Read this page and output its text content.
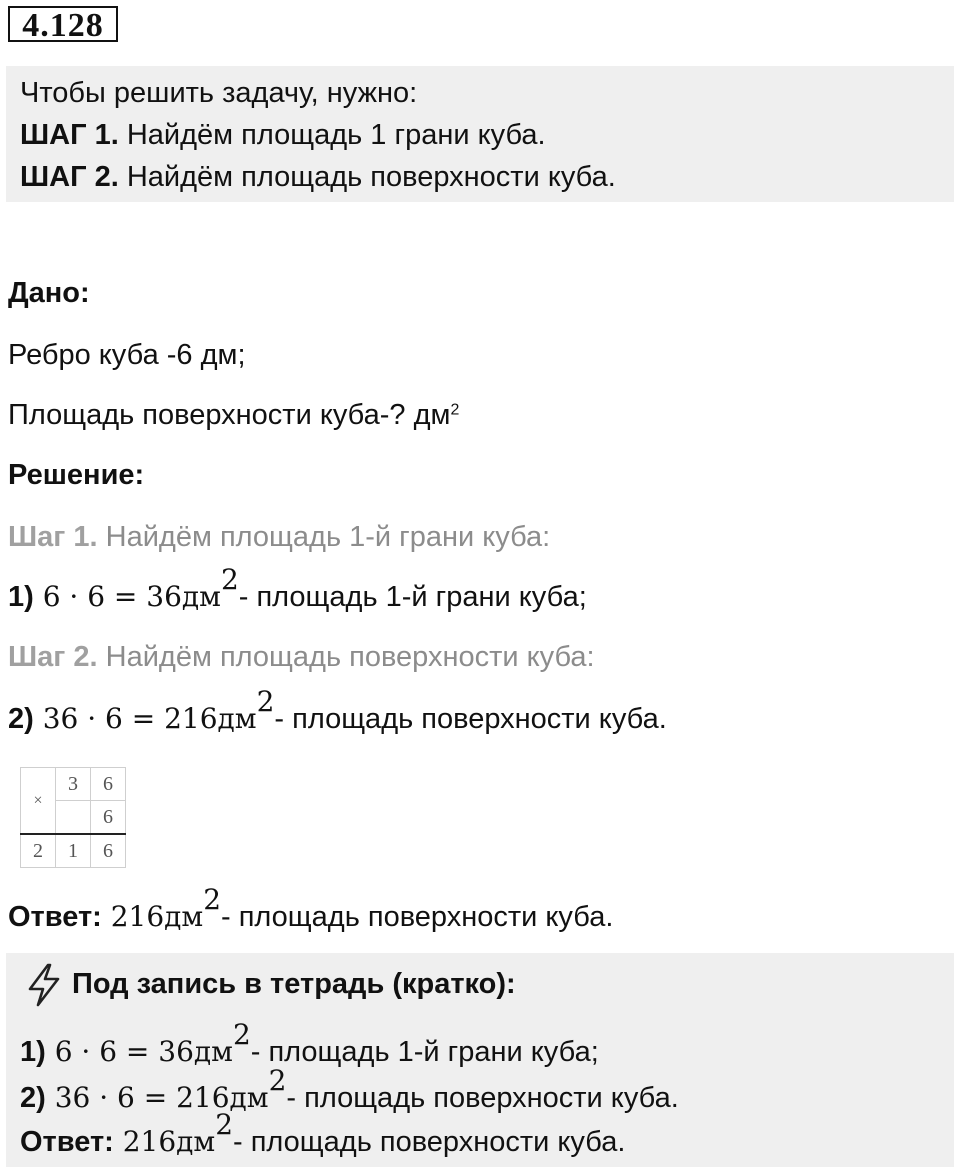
4.128
Чтобы решить задачу, нужно:
ШАГ 1. Найдём площадь 1 грани куба.
ШАГ 2. Найдём площадь поверхности куба.
Дано:
Ребро куба -6 дм;
Площадь поверхности куба-? $дм^2$
Решение:
Шаг 1. Найдём площадь 1-й грани куба:
1) $6 \cdot 6 = 36дм^2-$ площадь 1-й грани куба;
Шаг 2. Найдём площадь поверхности куба:
2) $36 \cdot 6 = 216дм^2-$ площадь поверхности куба.
×	3	6
		6
2	1	6
Ответ: $216дм^2-$ площадь поверхности куба.
Под запись в тетрадь (кратко):
1) $6 \cdot 6 = 36дм^2-$ площадь 1-й грани куба;
2) $36 \cdot 6 = 216дм^2-$ площадь поверхности куба.
Ответ: $216дм^2-$ площадь поверхности куба.
